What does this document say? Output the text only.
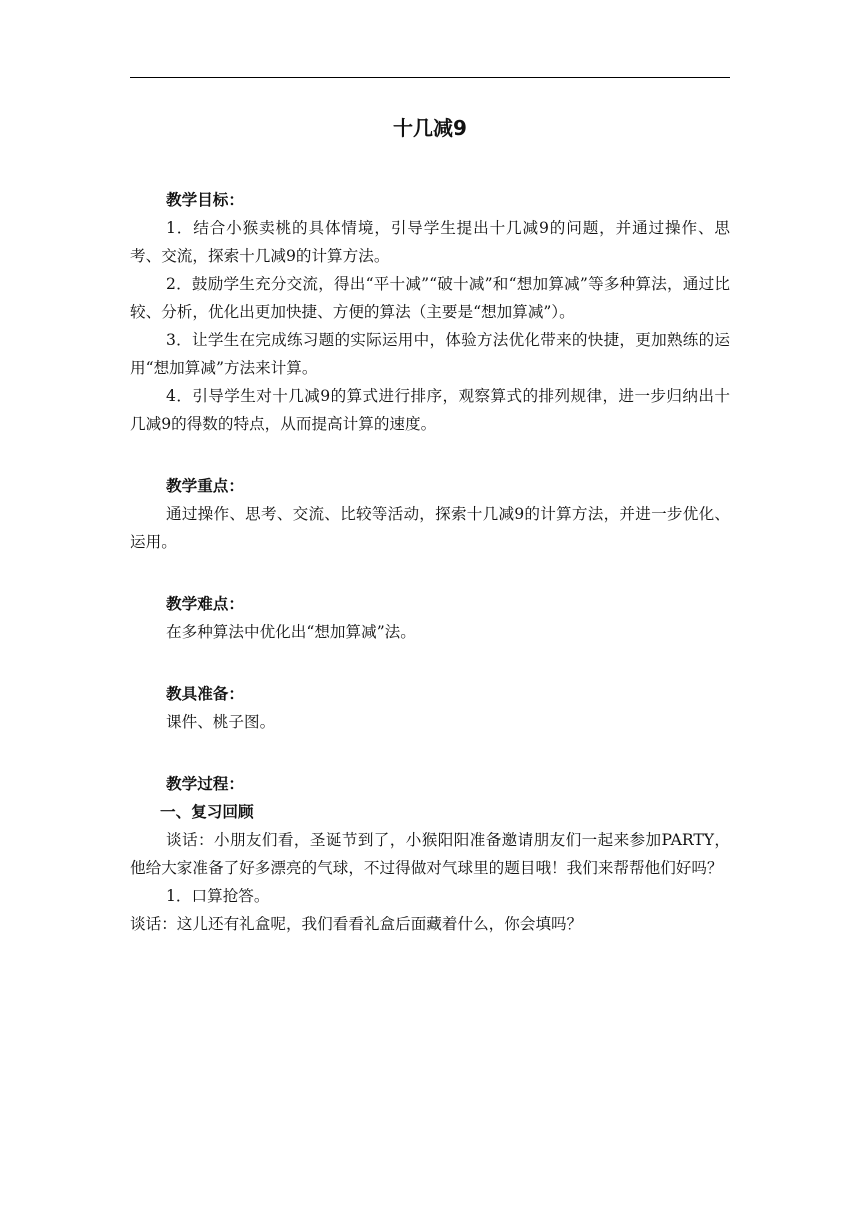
十几减9

教学目标：

1．结合小猴卖桃的具体情境，引导学生提出十几减9的问题，并通过操作、思考、交流，探索十几减9的计算方法。

2．鼓励学生充分交流，得出“平十减”“破十减”和“想加算减”等多种算法，通过比较、分析，优化出更加快捷、方便的算法（主要是“想加算减”）。

3．让学生在完成练习题的实际运用中，体验方法优化带来的快捷，更加熟练的运用“想加算减”方法来计算。

4．引导学生对十几减9的算式进行排序，观察算式的排列规律，进一步归纳出十几减9的得数的特点，从而提高计算的速度。

教学重点：

通过操作、思考、交流、比较等活动，探索十几减9的计算方法，并进一步优化、运用。

教学难点：

在多种算法中优化出“想加算减”法。

教具准备：

课件、桃子图。

教学过程：

一、复习回顾

谈话：小朋友们看，圣诞节到了，小猴阳阳准备邀请朋友们一起来参加PARTY，他给大家准备了好多漂亮的气球，不过得做对气球里的题目哦！我们来帮帮他们好吗？

1．口算抢答。

谈话：这儿还有礼盒呢，我们看看礼盒后面藏着什么，你会填吗？
